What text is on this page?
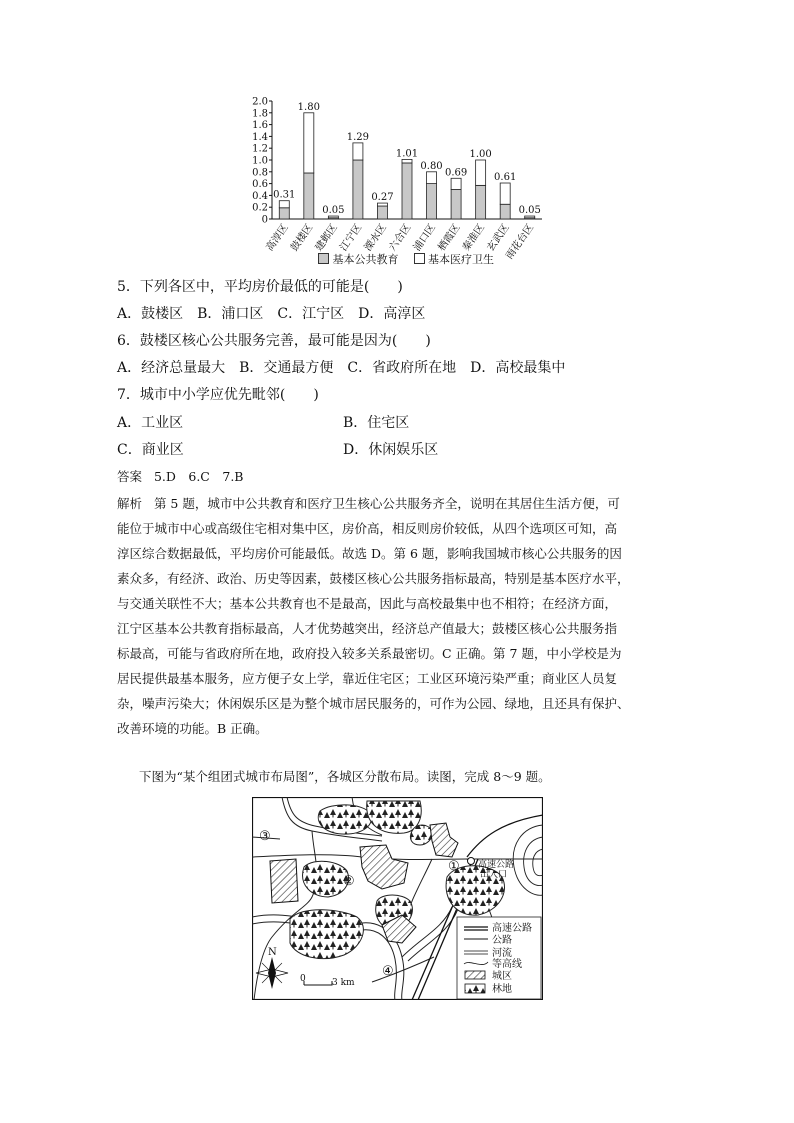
0
0.2
0.4
0.6
0.8
1.0
1.2
1.4
1.6
1.8
2.0
0.31
高淳区
1.80
鼓楼区
0.05
建邺区
1.29
江宁区
0.27
溧水区
1.01
六合区
0.80
浦口区
0.69
栖霞区
1.00
秦淮区
0.61
玄武区
0.05
雨花台区
基本公共教育	基本医疗卫生
5．下列各区中，平均房价最低的可能是(　　)
A．鼓楼区　B．浦口区　C．江宁区　D．高淳区
6．鼓楼区核心公共服务完善，最可能是因为(　　)
A．经济总量最大　B．交通最方便　C．省政府所在地　D．高校最集中
7．城市中小学应优先毗邻(　　)
A．工业区	B．住宅区
C．商业区	D．休闲娱乐区
答案 5.D　6.C　7.B
解析 第 5 题，城市中公共教育和医疗卫生核心公共服务齐全，说明在其居住生活方便，可
能位于城市中心或高级住宅相对集中区，房价高，相反则房价较低，从四个选项区可知，高
淳区综合数据最低，平均房价可能最低。故选 D。第 6 题，影响我国城市核心公共服务的因
素众多，有经济、政治、历史等因素，鼓楼区核心公共服务指标最高，特别是基本医疗水平，
与交通关联性不大；基本公共教育也不是最高，因此与高校最集中也不相符；在经济方面，
江宁区基本公共教育指标最高，人才优势越突出，经济总产值最大；鼓楼区核心公共服务指
标最高，可能与省政府所在地，政府投入较多关系最密切。C 正确。第 7 题，中小学校是为
居民提供最基本服务，应方便子女上学，靠近住宅区；工业区环境污染严重；商业区人员复
杂，噪声污染大；休闲娱乐区是为整个城市居民服务的，可作为公园、绿地，且还具有保护、
改善环境的功能。B 正确。
下图为“某个组团式城市布局图”，各城区分散布局。读图，完成 8～9 题。
③
②
①
④
高速公路
出入口
N
0	3 km
高速公路
公路
河流
等高线
城区
林地
